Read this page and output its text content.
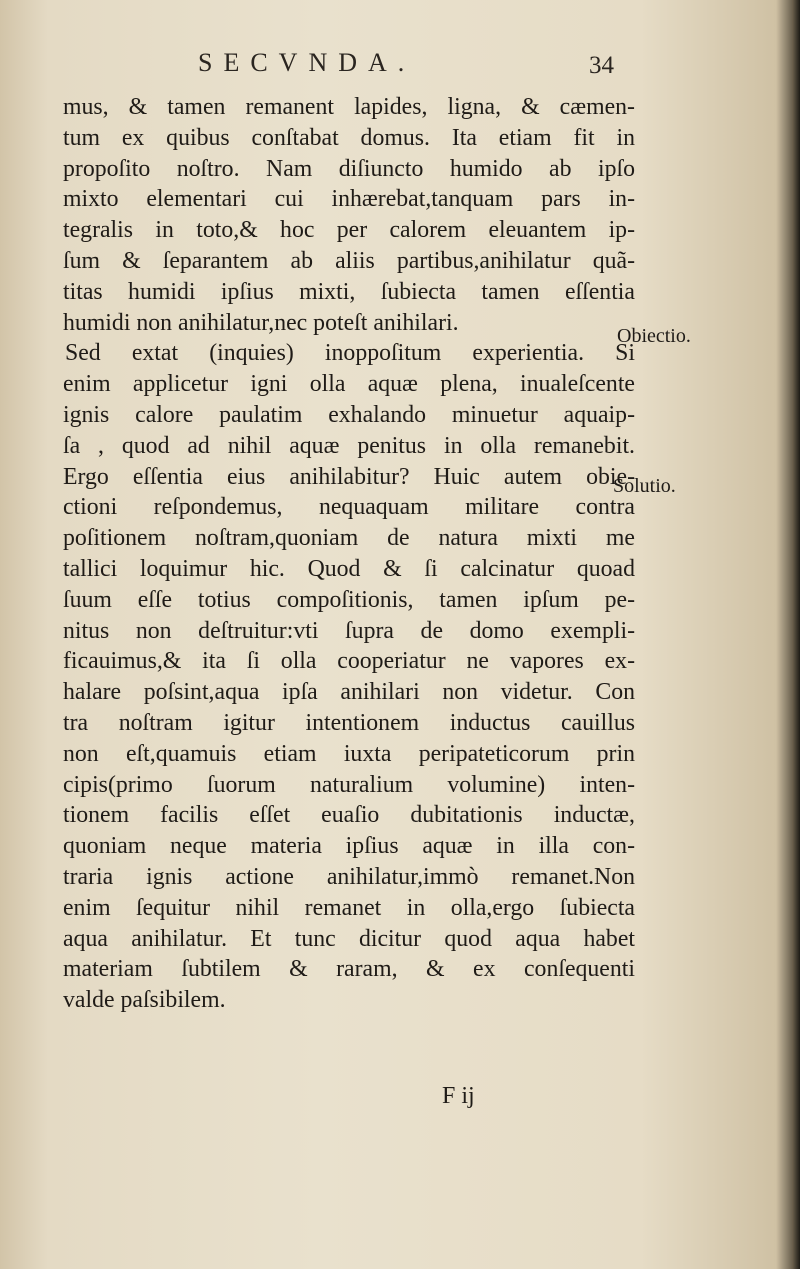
SECVNDA.	34
mus, & tamen remanent lapides, ligna, & cæmen-
tum ex quibus conſtabat domus. Ita etiam fit in
propoſito noſtro. Nam diſiuncto humido ab ipſo
mixto elementari cui inhærebat,tanquam pars in-
tegralis in toto,& hoc per calorem eleuantem ip-
ſum & ſeparantem ab aliis partibus,anihilatur quã-
titas humidi ipſius mixti, ſubiecta tamen eſſentia
humidi non anihilatur,nec poteſt anihilari.
Sed extat (inquies) inoppoſitum experientia. Si
enim applicetur igni olla aquæ plena, inualeſcente
ignis calore paulatim exhalando minuetur aquaip-
ſa , quod ad nihil aquæ penitus in olla remanebit.
Ergo eſſentia eius anihilabitur? Huic autem obie-
ctioni reſpondemus, nequaquam militare contra
poſitionem noſtram,quoniam de natura mixti me
tallici loquimur hic. Quod & ſi calcinatur quoad
ſuum eſſe totius compoſitionis, tamen ipſum pe-
nitus non deſtruitur:vti ſupra de domo exempli-
ficauimus,& ita ſi olla cooperiatur ne vapores ex-
halare poſsint,aqua ipſa anihilari non videtur. Con
tra noſtram igitur intentionem inductus cauillus
non eſt,quamuis etiam iuxta peripateticorum prin
cipis(primo ſuorum naturalium volumine) inten-
tionem facilis eſſet euaſio dubitationis inductæ,
quoniam neque materia ipſius aquæ in illa con-
traria ignis actione anihilatur,immò remanet.Non
enim ſequitur nihil remanet in olla,ergo ſubiecta
aqua anihilatur. Et tunc dicitur quod aqua habet
materiam ſubtilem & raram, & ex conſequenti
valde paſsibilem.
Obiectio.
Solutio.
F ij
